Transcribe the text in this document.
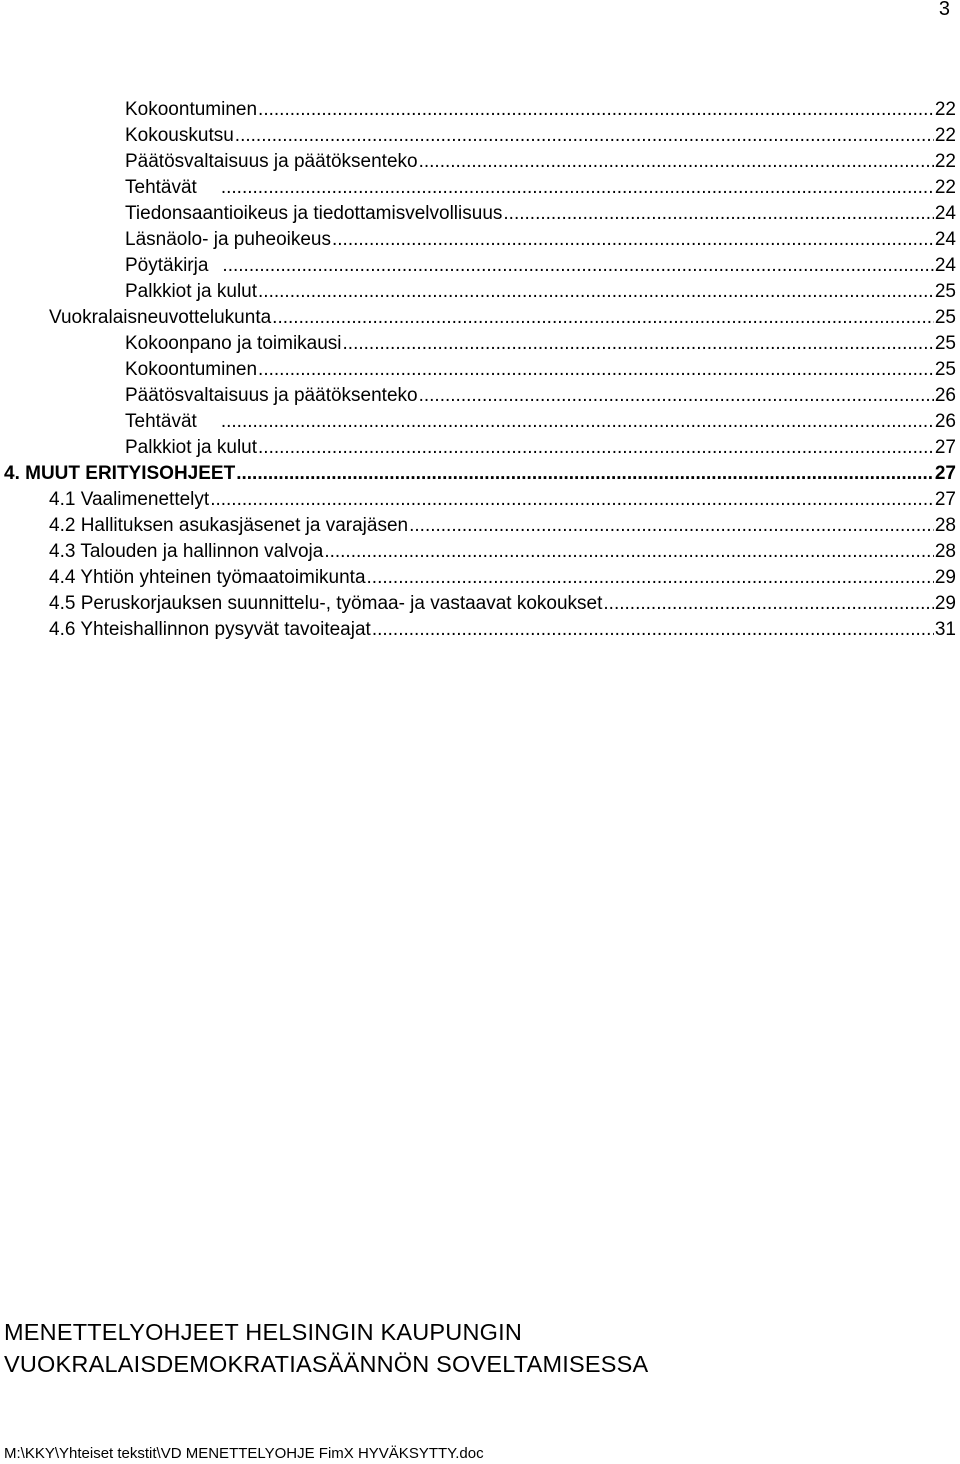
3
Kokoontuminen .....	22
Kokouskutsu .....	22
Päätösvaltaisuus ja päätöksenteko .....	22
Tehtävät .....	22
Tiedonsaantioikeus ja tiedottamisvelvollisuus .....	24
Läsnäolo- ja puheoikeus .....	24
Pöytäkirja .....	24
Palkkiot ja kulut .....	25
Vuokralaisneuvottelukunta .....	25
Kokoonpano ja toimikausi .....	25
Kokoontuminen .....	25
Päätösvaltaisuus ja päätöksenteko .....	26
Tehtävät .....	26
Palkkiot ja kulut .....	27
4. MUUT ERITYISOHJEET .....	27
4.1 Vaalimenettelyt .....	27
4.2 Hallituksen asukasjäsenet ja varajäsen .....	28
4.3 Talouden ja hallinnon valvoja .....	28
4.4 Yhtiön yhteinen työmaatoimikunta .....	29
4.5 Peruskorjauksen suunnittelu-, työmaa- ja vastaavat kokoukset .....	29
4.6 Yhteishallinnon pysyvät tavoiteajat .....	31
MENETTELYOHJEET HELSINGIN KAUPUNGIN
VUOKRALAISDEMOKRATIASÄÄNNÖN SOVELTAMISESSA
M:\KKY\Yhteiset tekstit\VD MENETTELYOHJE FimX HYVÄKSYTTY.doc
